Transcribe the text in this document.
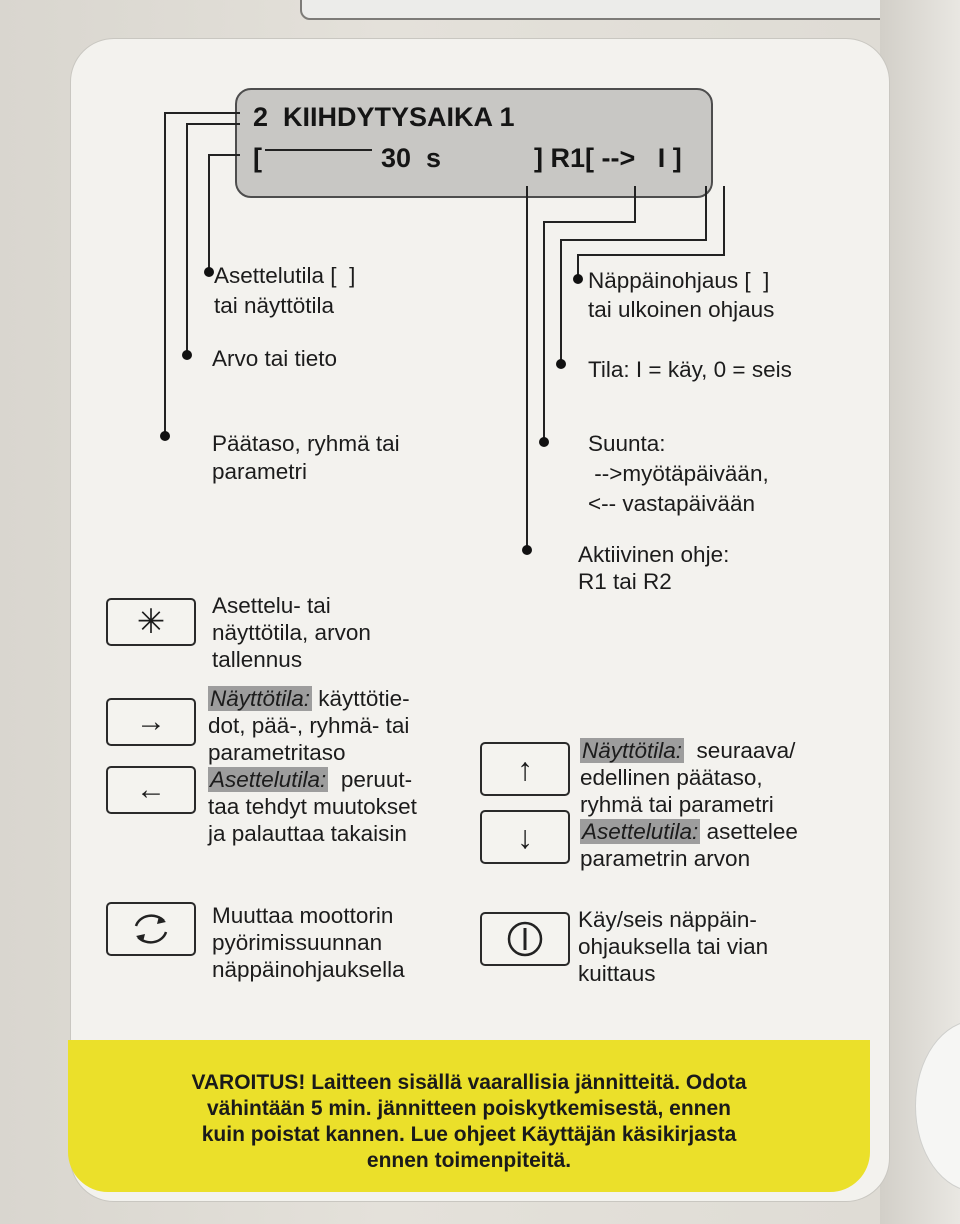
2  KIIHDYTYSAIKA 1
[	30  s	] R1[ -->   I ]
Asettelutila [  ]
tai näyttötila
Arvo tai tieto
Päätaso, ryhmä tai
parametri
Näppäinohjaus [  ]
tai ulkoinen ohjaus
Tila: I = käy, 0 = seis
Suunta:
-->myötäpäivään,
<-- vastapäivään
Aktiivinen ohje:
R1 tai R2
✳ Asettelu- tai
näyttötila, arvon
tallennus
→
←
Näyttötila: käyttötie-
dot, pää-, ryhmä- tai
parametritaso
Asettelutila:  peruut-
taa tehdyt muutokset
ja palauttaa takaisin
↑
↓
Näyttötila:  seuraava/
edellinen päätaso,
ryhmä tai parametri
Asettelutila: asettelee
parametrin arvon
Muuttaa moottorin
pyörimissuunnan
näppäinohjauksella
Käy/seis näppäin-
ohjauksella tai vian
kuittaus
VAROITUS! Laitteen sisällä vaarallisia jännitteitä. Odota
vähintään 5 min. jännitteen poiskytkemisestä, ennen
kuin poistat kannen. Lue ohjeet Käyttäjän käsikirjasta
ennen toimenpiteitä.
